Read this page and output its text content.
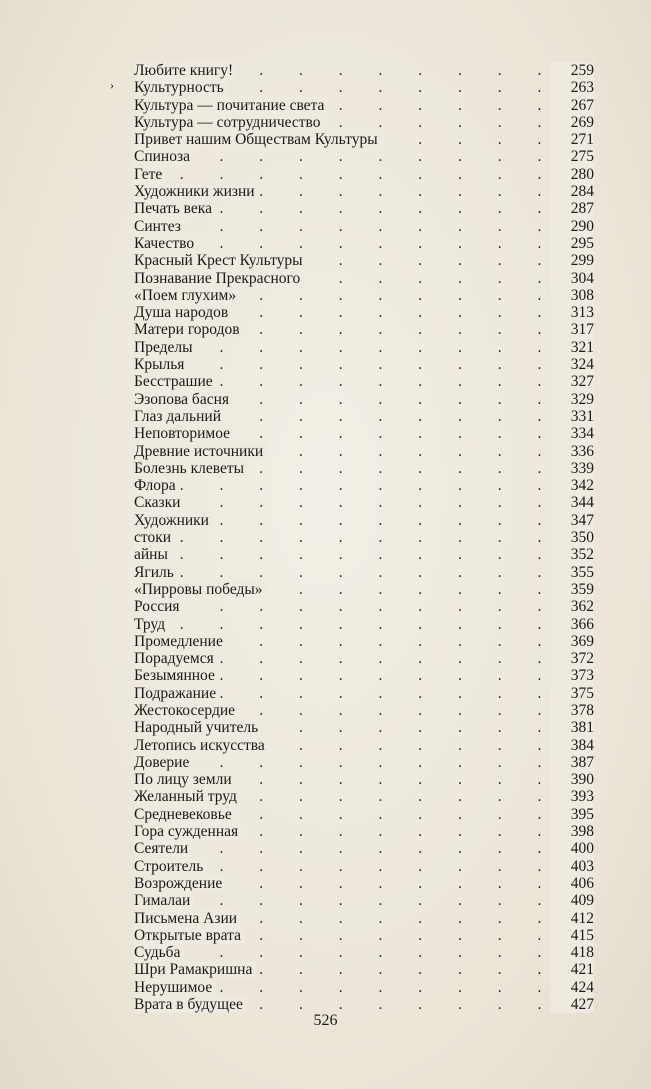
›
. . . Любите книгу!	259
. . . Культурность	263
. . . Культура — почитание света	267
. . . Культура — сотрудничество	269
. . . Привет нашим Обществам Культуры	271
. . . Спиноза	275
. . . Гете	280
. . . Художники жизни	284
. . . Печать века	287
. . . Синтез	290
. . . Качество	295
. . . Красный Крест Культуры	299
. . . Познавание Прекрасного	304
. . . «Поем глухим»	308
. . . Душа народов	313
. . . Матери городов	317
. . . Пределы	321
. . . Крылья	324
. . . Бесстрашие	327
. . . Эзопова басня	329
. . . Глаз дальний	331
. . . Неповторимое	334
. . . Древние источники	336
. . . Болезнь клеветы	339
. . . Флора	342
. . . Сказки	344
. . . Художники	347
. . . стоки	350
. . . айны	352
. . . Ягиль	355
. . . «Пирровы победы»	359
. . . Россия	362
. . . Труд	366
. . . Промедление	369
. . . Порадуемся	372
. . . Безымянное	373
. . . Подражание	375
. . . Жестокосердие	378
. . . Народный учитель	381
. . . Летопись искусства	384
. . . Доверие	387
. . . По лицу земли	390
. . . Желанный труд	393
. . . Средневековье	395
. . . Гора сужденная	398
. . . Сеятели	400
. . . Строитель	403
. . . Возрождение	406
. . . Гималаи	409
. . . Письмена Азии	412
. . . Открытые врата	415
. . . Судьба	418
. . . Шри Рамакришна	421
. . . Нерушимое	424
. . . Врата в будущее	427
526
